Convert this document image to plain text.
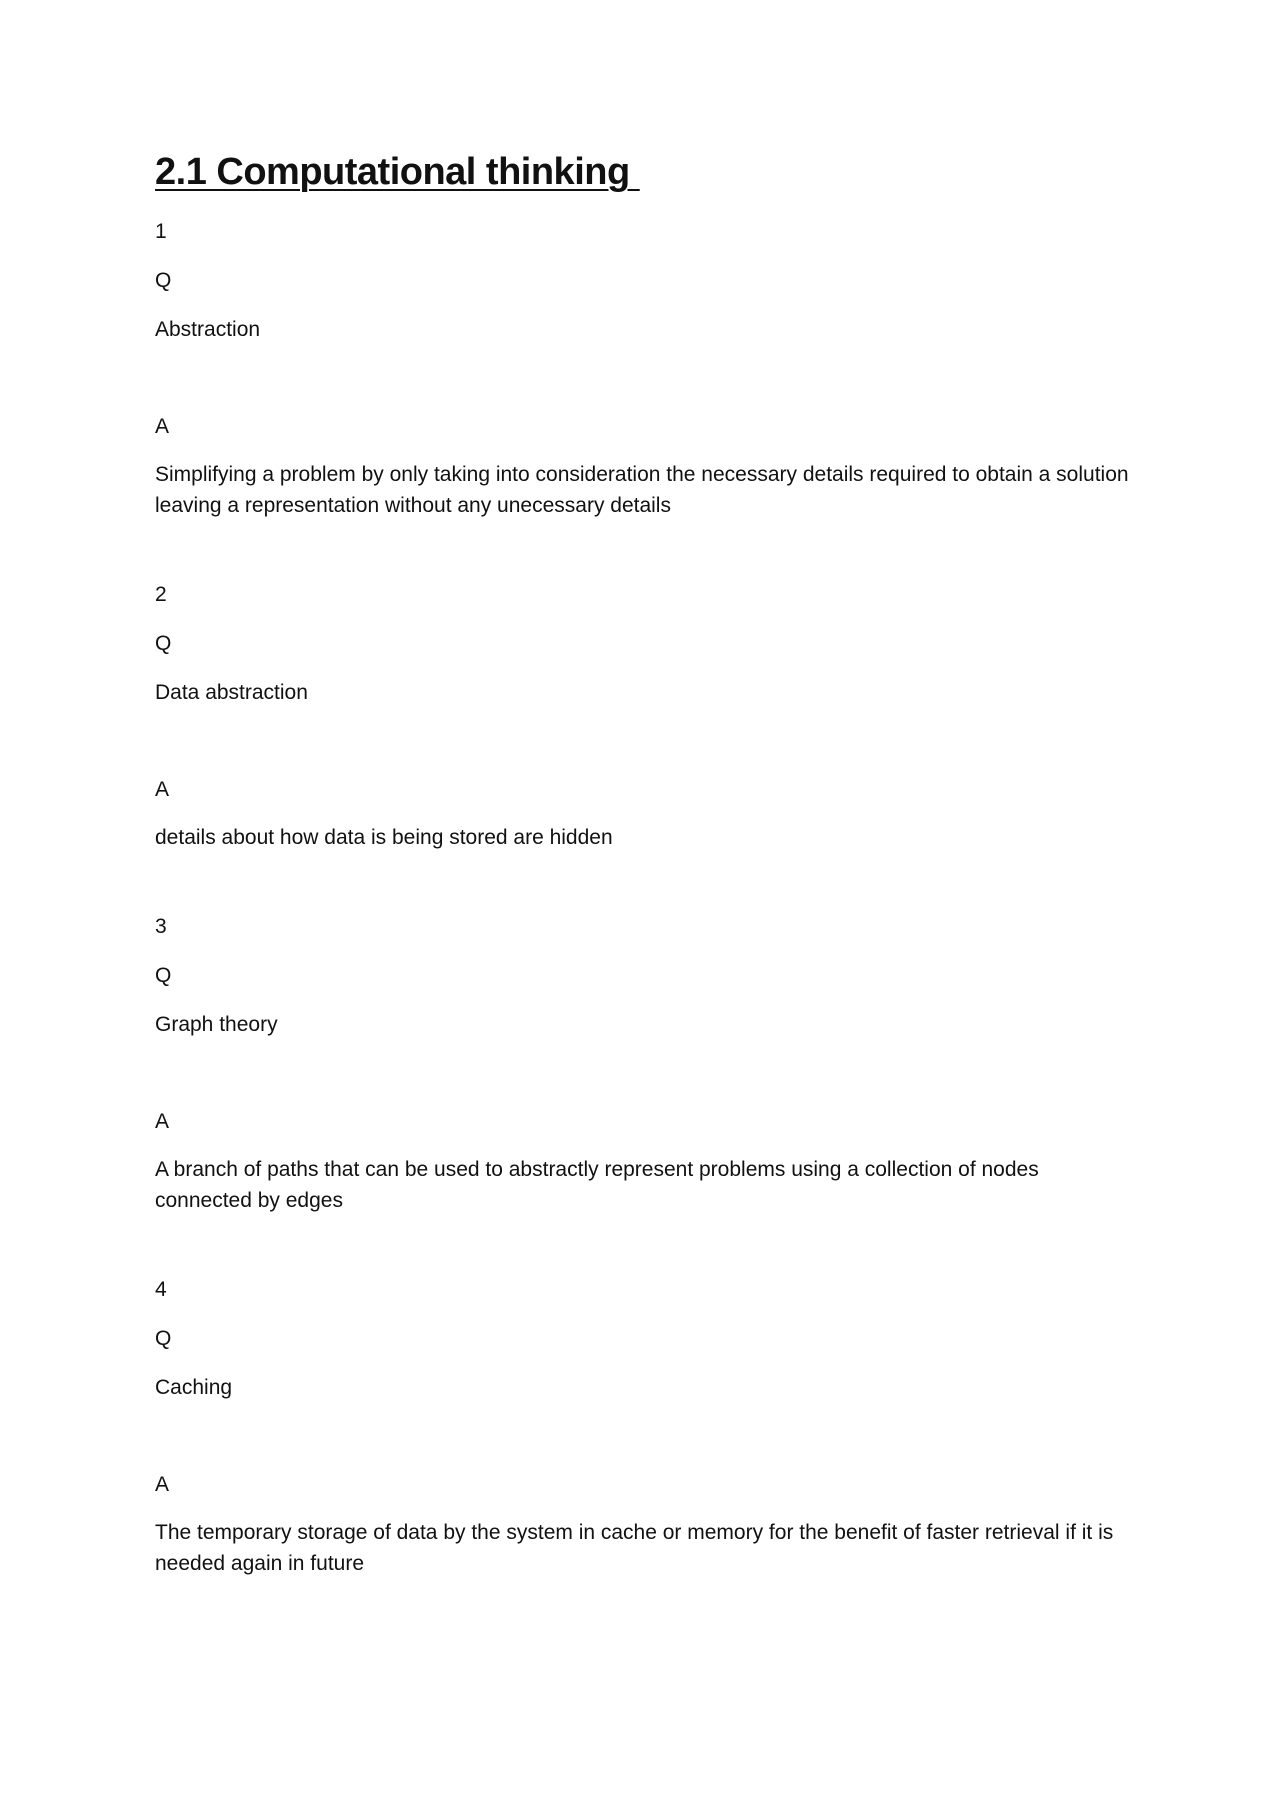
2.1 Computational thinking

1

Q

Abstraction

A

Simplifying a problem by only taking into consideration the necessary details required to obtain a solution leaving a representation without any unecessary details

2

Q

Data abstraction

A

details about how data is being stored are hidden

3

Q

Graph theory

A

A branch of paths that can be used to abstractly represent problems using a collection of nodes connected by edges

4

Q

Caching

A

The temporary storage of data by the system in cache or memory for the benefit of faster retrieval if it is needed again in future
